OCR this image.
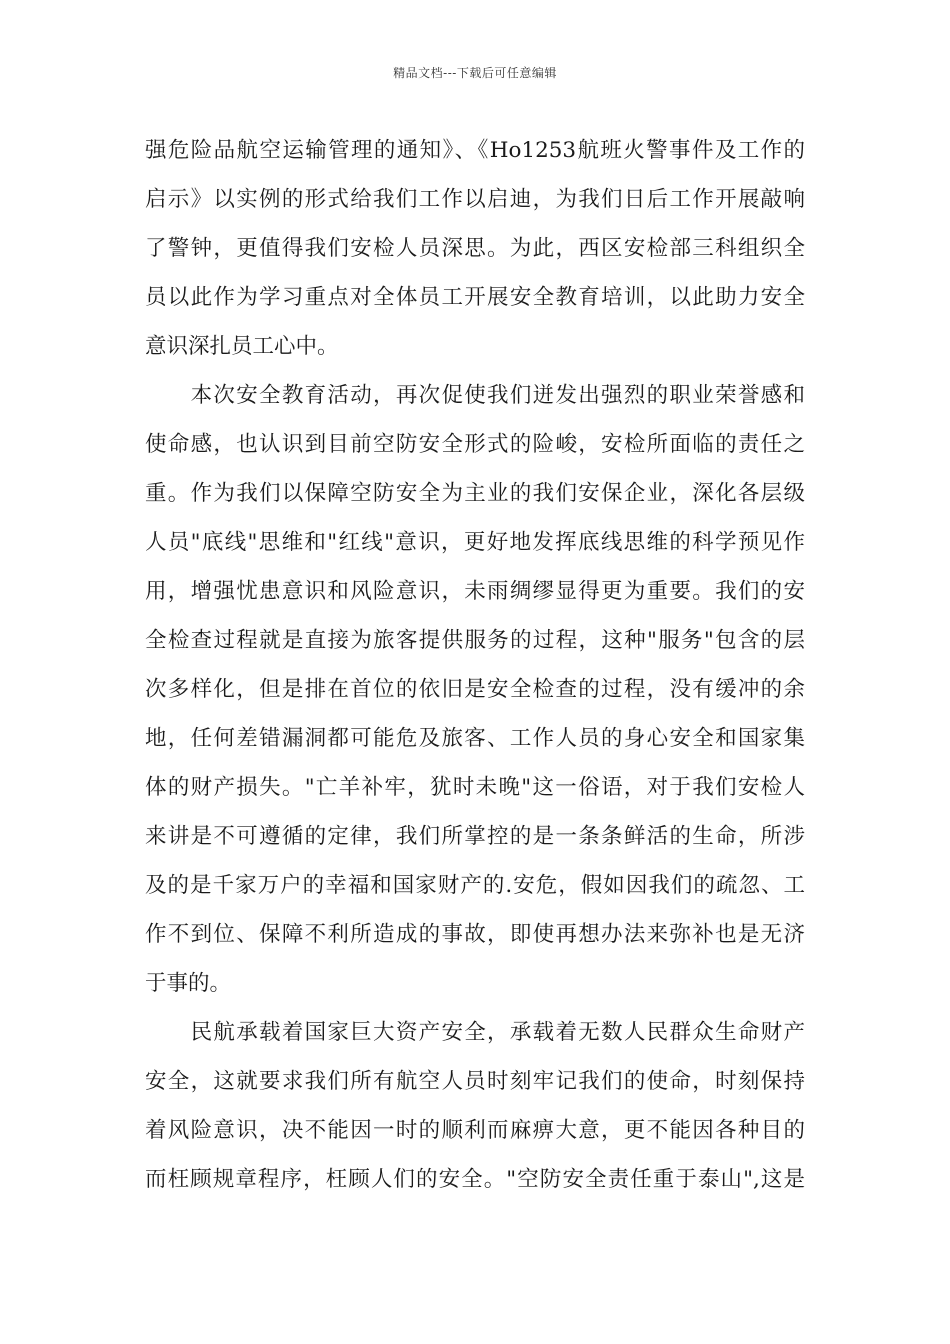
精品文档---下载后可任意编辑
强危险品航空运输管理的通知》、《Ho1253航班火警事件及工作的
启示》以实例的形式给我们工作以启迪，为我们日后工作开展敲响
了警钟，更值得我们安检人员深思。为此，西区安检部三科组织全
员以此作为学习重点对全体员工开展安全教育培训，以此助力安全
意识深扎员工心中。
　　本次安全教育活动，再次促使我们迸发出强烈的职业荣誉感和
使命感，也认识到目前空防安全形式的险峻，安检所面临的责任之
重。作为我们以保障空防安全为主业的我们安保企业，深化各层级
人员"底线"思维和"红线"意识，更好地发挥底线思维的科学预见作
用，增强忧患意识和风险意识，未雨绸缪显得更为重要。我们的安
全检查过程就是直接为旅客提供服务的过程，这种"服务"包含的层
次多样化，但是排在首位的依旧是安全检查的过程，没有缓冲的余
地，任何差错漏洞都可能危及旅客、工作人员的身心安全和国家集
体的财产损失。"亡羊补牢，犹时未晚"这一俗语，对于我们安检人
来讲是不可遵循的定律，我们所掌控的是一条条鲜活的生命，所涉
及的是千家万户的幸福和国家财产的.安危，假如因我们的疏忽、工
作不到位、保障不利所造成的事故，即使再想办法来弥补也是无济
于事的。
　　民航承载着国家巨大资产安全，承载着无数人民群众生命财产
安全，这就要求我们所有航空人员时刻牢记我们的使命，时刻保持
着风险意识，决不能因一时的顺利而麻痹大意，更不能因各种目的
而枉顾规章程序，枉顾人们的安全。"空防安全责任重于泰山",这是
